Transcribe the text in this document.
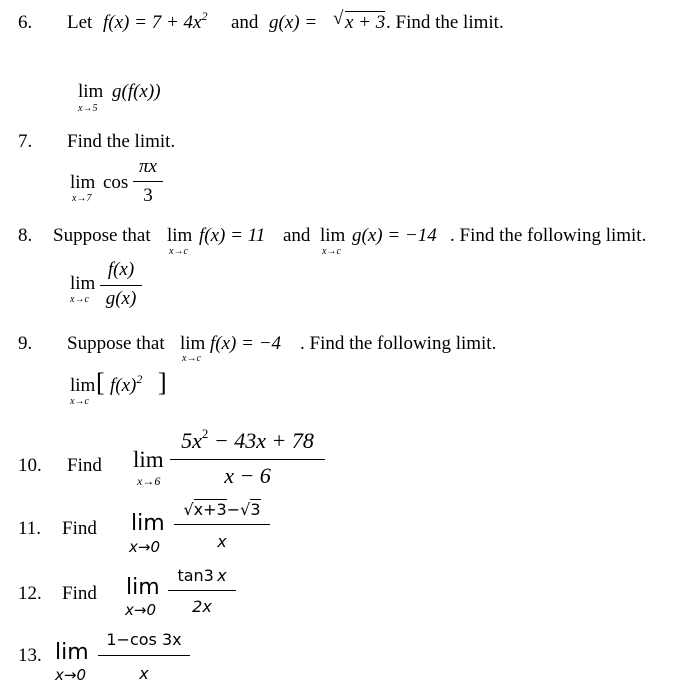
6. Let $f(x) = 7 + 4x^2$ and g(x) = √ x + 3 . Find the limit.
lim
x→5
g(f(x))
7. Find the limit.
lim
x→7
cos
πx
3
8. Suppose that lim
x→c
f(x) = 11 and lim
x→c
g(x) = −14 . Find the following limit.
lim
x→c
f(x)
g(x)
9. Suppose that lim
x→c
f(x) = −4 . Find the following limit.
lim
x→c
[ $f(x)^2$ ]
10. Find lim
x→6
$5x^2 - 43x + 78$
x − 6
11. Find lim
x→0
√x+3−√3
x
12. Find lim
x→0
tan3  x
2x
13. lim
x→0
1−cos 3x
x
